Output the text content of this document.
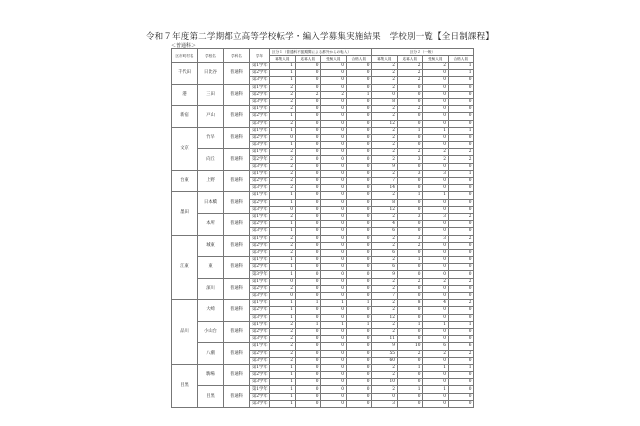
令和７年度第二学期都立高等学校転学・編入学募集実施結果　学校別一覧【全日制課程】
＜普通科＞
区市町村名	学校名	学科名	学年	区分１（普通科不振期間による都外からの転入）				区分２（一般）			
				募集人員	応募人員	受検人員	合格人員	募集人員	応募人員	受検人員	合格人員
千代田	日比谷	普通科	第1学年	1	0	0	0	2	2	2	1
			第2学年	1	0	0	0	2	2	0	1
			第3学年	1	0	0	0	2	2	0	0
港	三田	普通科	第1学年	2	0	0	0	2	0	0	0
			第2学年	2	2	2	1	0	0	0	0
			第3学年	2	0	0	0	8	0	0	0
新宿	戸山	普通科	第1学年	2	0	0	0	2	2	0	0
			第2学年	1	0	0	0	2	0	0	0
			第3学年	2	0	0	0	12	0	0	0
文京	竹早	普通科	第1学年	1	0	0	0	2	1	1	1
			第2学年	0	0	0	0	2	0	0	0
			第3学年	1	0	0	0	2	0	0	0
	向丘	普通科	第1学年	2	0	0	0	2	2	2	2
			第2学年	2	0	0	0	2	3	2	2
			第3学年	2	0	0	0	9	0	0	0
台東	上野	普通科	第1学年	2	0	0	0	2	3	3	1
			第2学年	2	0	0	0	7	0	0	0
			第3学年	2	0	0	0	14	0	0	0
墨田	日本橋	普通科	第1学年	1	0	0	0	2	1	1	0
			第2学年	1	0	0	0	8	0	0	0
			第3学年	0	0	0	0	12	0	0	0
	本所	普通科	第1学年	2	0	0	0	2	3	3	2
			第2学年	1	0	0	0	4	0	0	0
			第3学年	1	0	0	0	6	0	0	0
江東	城東	普通科	第1学年	2	0	0	0	2	3	3	2
			第2学年	2	0	0	0	2	2	0	0
			第3学年	2	0	0	0	6	0	0	0
	東	普通科	第1学年	1	0	0	0	2	1	0	0
			第2学年	1	0	0	0	6	0	0	0
			第3学年	1	0	0	0	9	0	0	0
	深川	普通科	第1学年	0	0	0	0	2	2	2	2
			第2学年	2	0	0	0	2	0	0	0
			第3学年	0	0	0	0	7	0	0	0
品川	大崎	普通科	第1学年	1	1	1	1	2	8	4	2
			第2学年	1	0	0	0	2	0	0	0
			第3学年	1	0	0	0	12	0	0	0
	小山台	普通科	第1学年	2	1	1	1	2	1	1	1
			第2学年	2	0	0	0	2	0	0	0
			第3学年	2	0	0	0	11	0	0	0
	八潮	普通科	第1学年	2	0	0	0	9	10	6	6
			第2学年	2	0	0	0	55	2	2	2
			第3学年	2	0	0	0	60	0	0	0
目黒	駒場	普通科	第1学年	1	0	0	0	2	1	1	1
			第2学年	1	0	0	0	2	0	0	0
			第3学年	1	0	0	0	10	0	0	0
	目黒	普通科	第1学年	1	0	0	0	2	1	1	0
			第2学年	1	0	0	0	0	0	0	0
			第3学年	1	0	0	0	3	0	0	0
